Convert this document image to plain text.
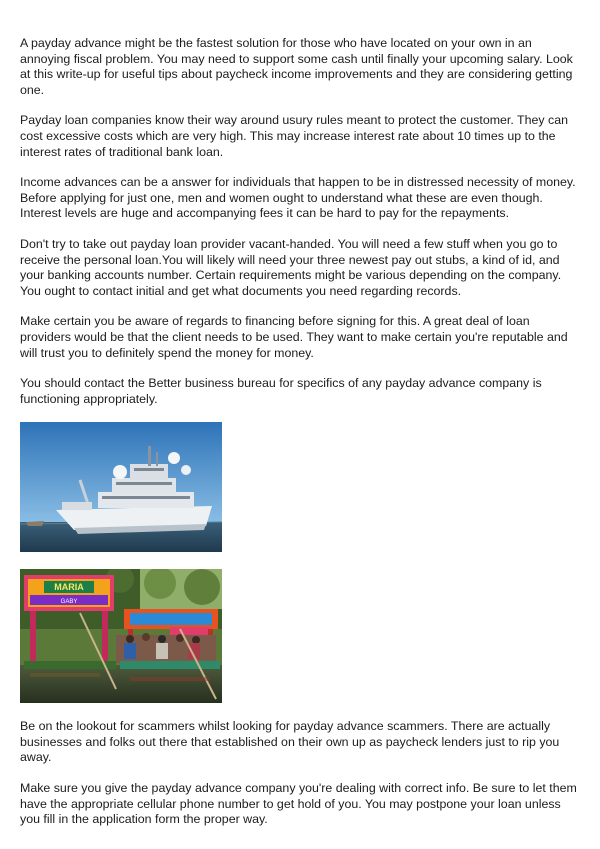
A payday advance might be the fastest solution for those who have located on your own in an annoying fiscal problem. You may need to support some cash until finally your upcoming salary. Look at this write-up for useful tips about paycheck income improvements and they are considering getting one.

Payday loan companies know their way around usury rules meant to protect the customer. They can cost excessive costs which are very high. This may increase interest rate about 10 times up to the interest rates of traditional bank loan.

Income advances can be a answer for individuals that happen to be in distressed necessity of money. Before applying for just one, men and women ought to understand what these are even though. Interest levels are huge and accompanying fees it can be hard to pay for the repayments.

Don't try to take out payday loan provider vacant-handed. You will need a few stuff when you go to receive the personal loan.You will likely will need your three newest pay out stubs, a kind of id, and your banking accounts number. Certain requirements might be various depending on the company. You ought to contact initial and get what documents you need regarding records.

Make certain you be aware of regards to financing before signing for this. A great deal of loan providers would be that the client needs to be used. They want to make certain you're reputable and will trust you to definitely spend the money for money.

You should contact the Better business bureau for specifics of any payday advance company is functioning appropriately.

MARIA
GABY

Be on the lookout for scammers whilst looking for payday advance scammers. There are actually businesses and folks out there that established on their own up as paycheck lenders just to rip you away.

Make sure you give the payday advance company you're dealing with correct info. Be sure to let them have the appropriate cellular phone number to get hold of you. You may postpone your loan unless you fill in the application form the proper way.
